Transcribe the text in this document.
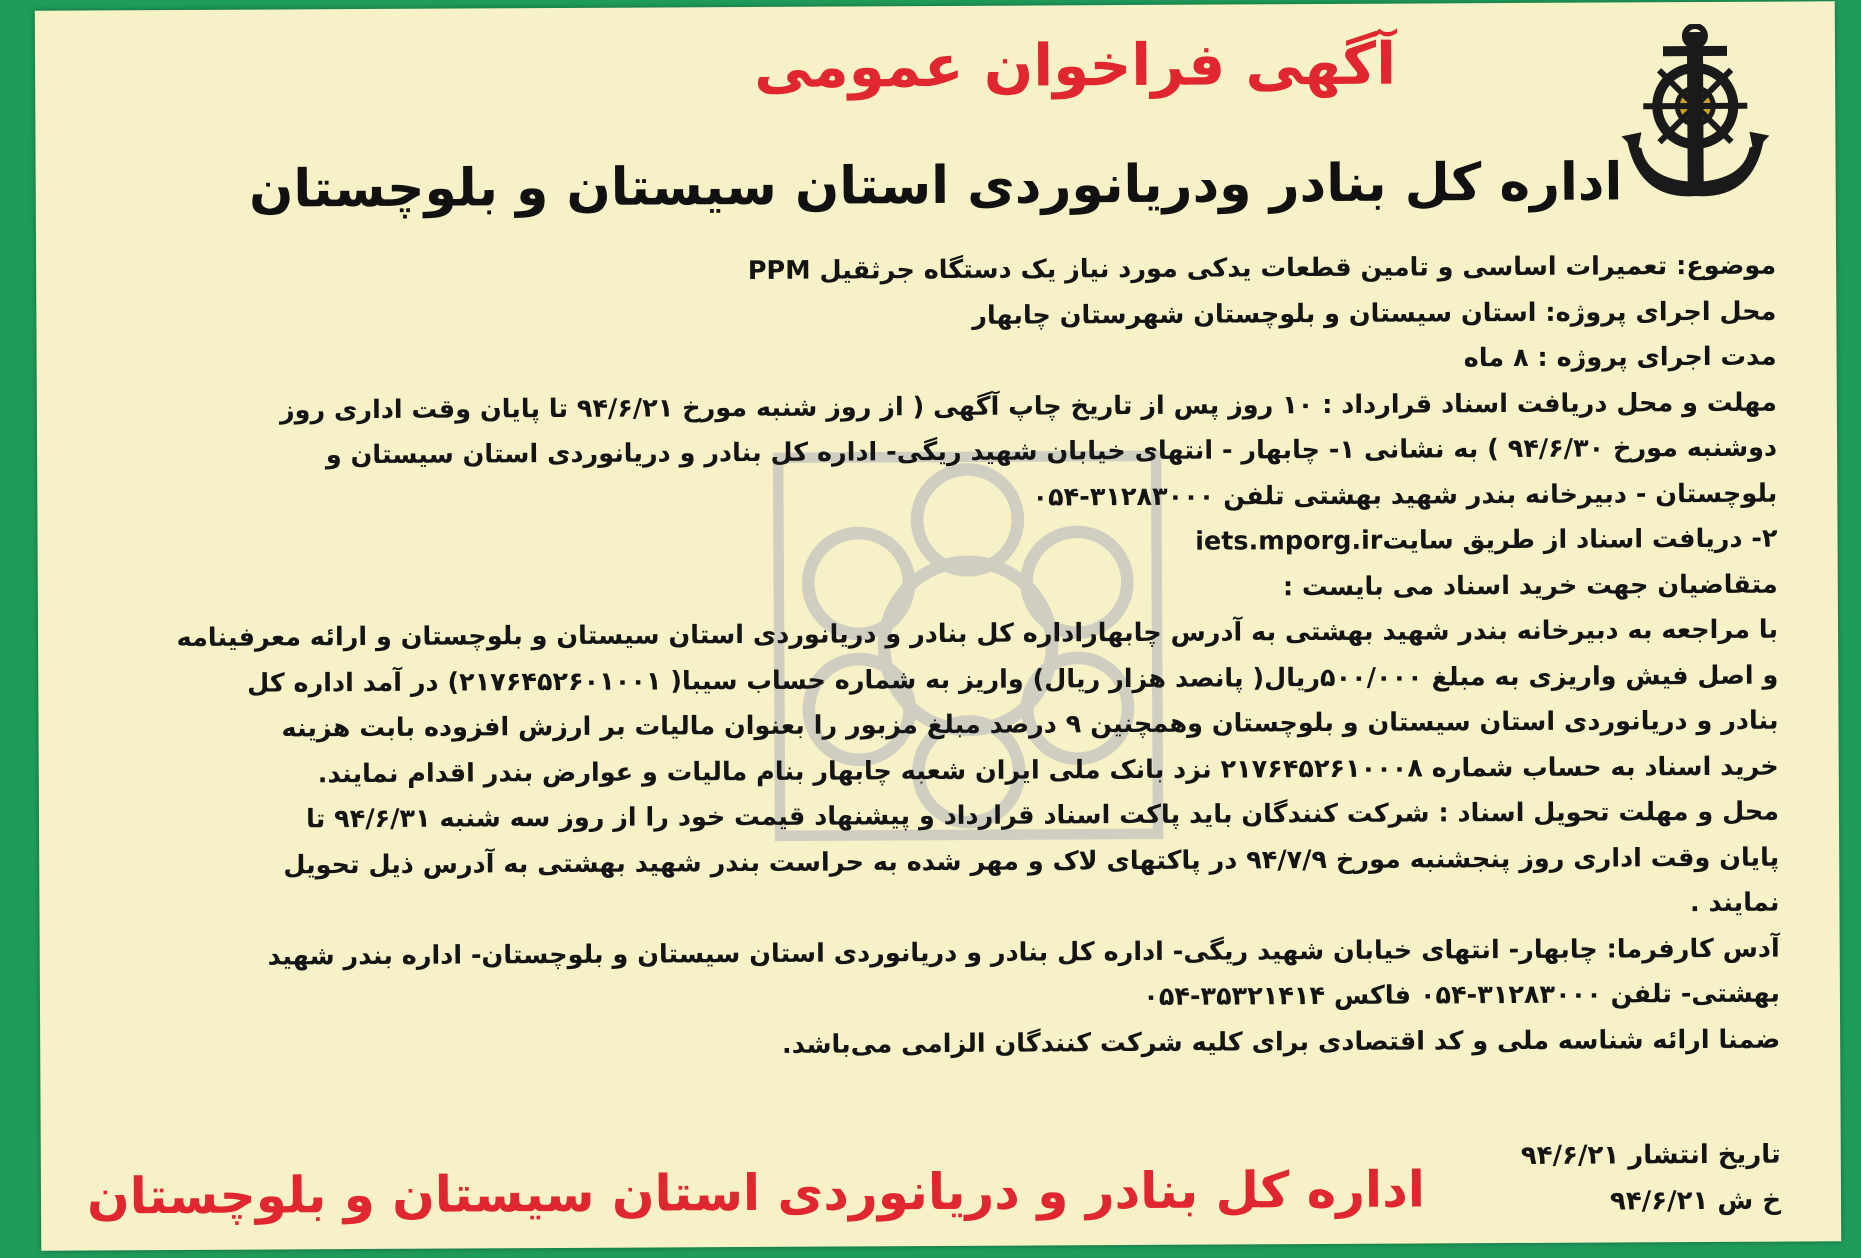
آگهی فراخوان عمومی
اداره کل بنادر ودریانوردی استان سیستان و بلوچستان

موضوع: تعمیرات اساسی و تامین قطعات یدکی مورد نیاز یک دستگاه جرثقیل PPM

محل اجرای پروژه: استان سیستان و بلوچستان شهرستان چابهار

مدت اجرای پروژه : ۸ ماه

مهلت و محل دریافت اسناد قرارداد : ۱۰ روز پس از تاریخ چاپ آگهی ( از روز شنبه مورخ ۹۴/۶/۲۱ تا پایان وقت اداری روز

دوشنبه مورخ ۹۴/۶/۳۰ ) به نشانی ۱- چابهار - انتهای خیابان شهید ریگی- اداره کل بنادر و دریانوردی استان سیستان و

بلوچستان - دبیرخانه بندر شهید بهشتی تلفن ۳۱۲۸۳۰۰۰-۰۵۴

۲- دریافت اسناد از طریق سایتiets.mporg.ir

متقاضیان جهت خرید اسناد می بایست :

با مراجعه به دبیرخانه بندر شهید بهشتی به آدرس چابهاراداره کل بنادر و دریانوردی استان سیستان و بلوچستان و ارائه معرفینامه

و اصل فیش واریزی به مبلغ ۵۰۰/۰۰۰ریال( پانصد هزار ریال) واریز به شماره حساب سیبا( ۲۱۷۶۴۵۲۶۰۱۰۰۱) در آمد اداره کل

بنادر و دریانوردی استان سیستان و بلوچستان وهمچنین ۹ درصد مبلغ مزبور را بعنوان مالیات بر ارزش افزوده بابت هزینه

خرید اسناد به حساب شماره ۲۱۷۶۴۵۲۶۱۰۰۰۸ نزد بانک ملی ایران شعبه چابهار بنام مالیات و عوارض بندر اقدام نمایند.

محل و مهلت تحویل اسناد : شرکت کنندگان باید پاکت اسناد قرارداد و پیشنهاد قیمت خود را از روز سه شنبه ۹۴/۶/۳۱ تا

پایان وقت اداری روز پنجشنبه مورخ ۹۴/۷/۹ در پاکتهای لاک و مهر شده به حراست بندر شهید بهشتی به آدرس ذیل تحویل

نمایند .

آدس کارفرما: چابهار- انتهای خیابان شهید ریگی- اداره کل بنادر و دریانوردی استان سیستان و بلوچستان- اداره بندر شهید

بهشتی- تلفن ۳۱۲۸۳۰۰۰-۰۵۴ فاکس ۳۵۳۲۱۴۱۴-۰۵۴

ضمنا ارائه شناسه ملی و کد اقتصادی برای کلیه شرکت کنندگان الزامی می‌باشد.

تاریخ انتشار ۹۴/۶/۲۱
خ ش ۹۴/۶/۲۱
اداره کل بنادر و دریانوردی استان سیستان و بلوچستان
